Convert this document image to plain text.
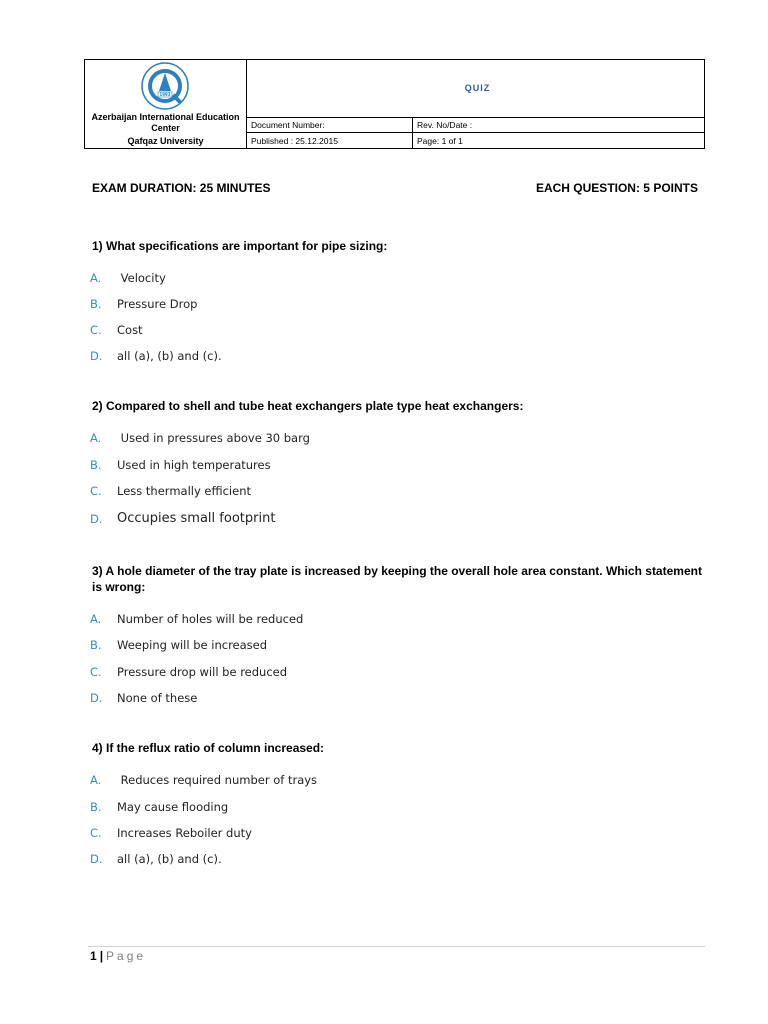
1993
Azerbaijan International Education
Center
Qafqaz University	QUIZ	
	Document Number:	Rev. No/Date :
	Published : 25.12.2015	Page: 1 of 1
EXAM DURATION: 25 MINUTES	EACH QUESTION: 5 POINTS
1) What specifications are important for pipe sizing:
A.	Velocity
B.	Pressure Drop
C.	Cost
D.	all (a), (b) and (c).
2) Compared to shell and tube heat exchangers plate type heat exchangers:
A.	Used in pressures above 30 barg
B.	Used in high temperatures
C.	Less thermally efficient
D.	Occupies small footprint
3) A hole diameter of the tray plate is increased by keeping the overall hole area constant. Which statement is wrong:
A.	Number of holes will be reduced
B.	Weeping will be increased
C.	Pressure drop will be reduced
D.	None of these
4) If the reflux ratio of column increased:
A.	Reduces required number of trays
B.	May cause flooding
C.	Increases Reboiler duty
D.	all (a), (b) and (c).
1 | Page
